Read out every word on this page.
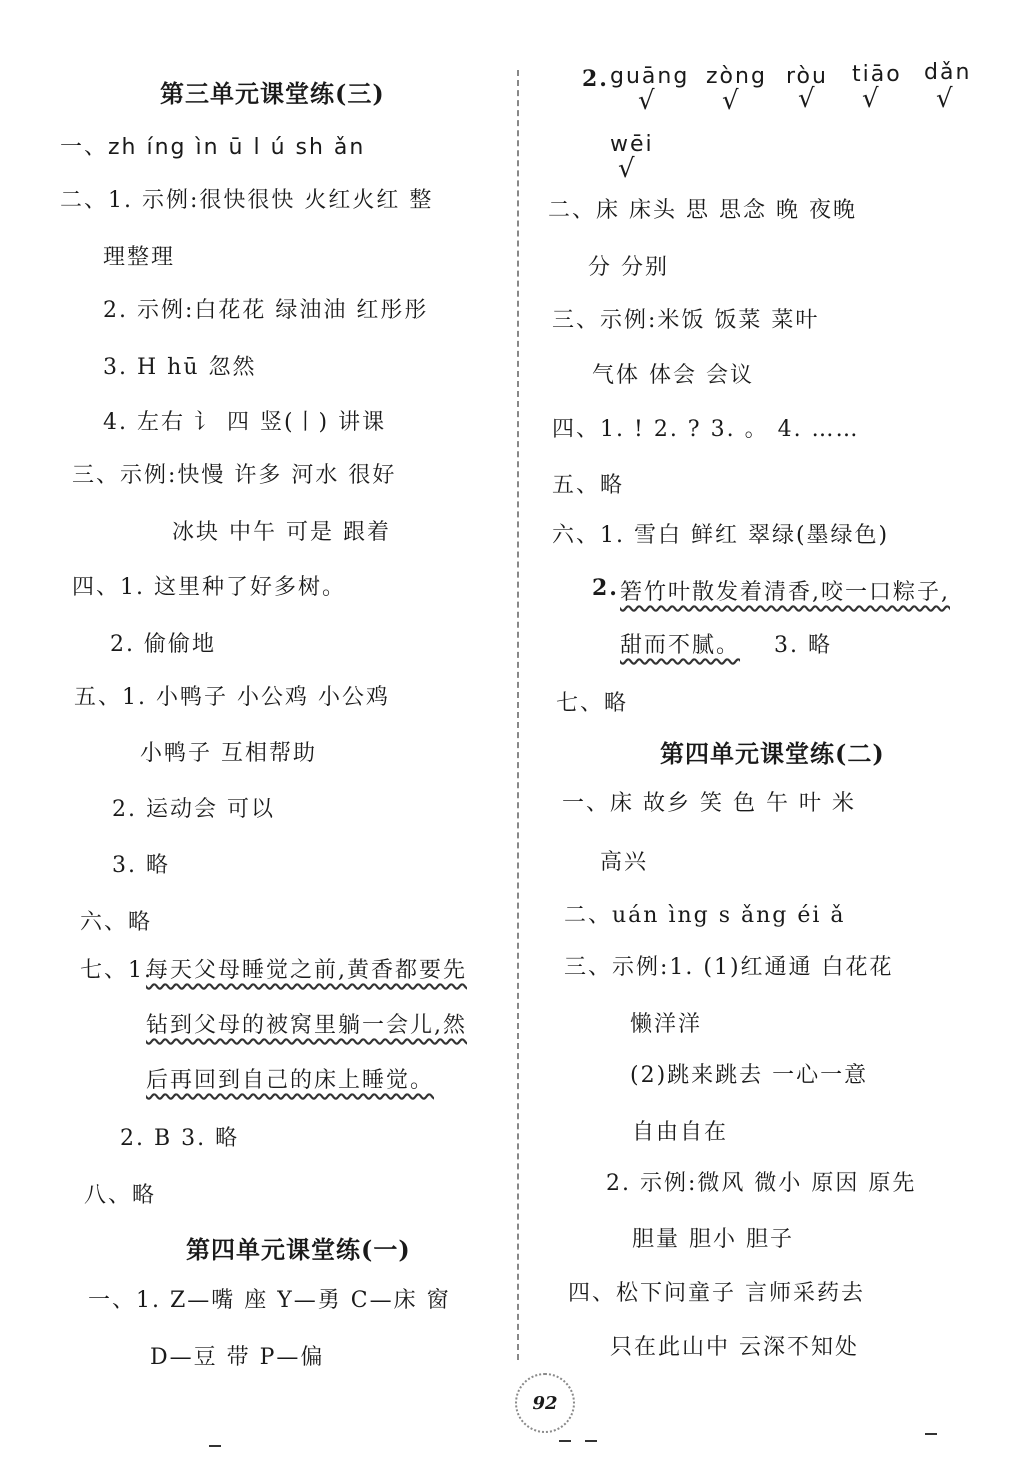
第三单元课堂练(三)
一、zh íng ìn ū l ú sh ǎn
二、1. 示例:很快很快 火红火红 整
理整理
2. 示例:白花花 绿油油 红彤彤
3. H hū 忽然
4. 左右 讠 四 竖(丨) 讲课
三、示例:快慢 许多 河水 很好
冰块 中午 可是 跟着
四、1. 这里种了好多树。
2. 偷偷地
五、1. 小鸭子 小公鸡 小公鸡
小鸭子 互相帮助
2. 运动会 可以
3. 略
六、略
七、1.
每天父母睡觉之前,黄香都要先
钻到父母的被窝里躺一会儿,然
后再回到自己的床上睡觉。
2. B 3. 略
八、略
第四单元课堂练(一)
一、1. Z—嘴 座 Y—勇 C—床 窗
D—豆 带 P—偏
2. guāng zòng ròu tiāo dǎn
√	√ √ √ √
wēi
√
二、床 床头 思 思念 晚 夜晚
分 分别
三、示例:米饭 饭菜 菜叶
气体 体会 会议
四、1. ! 2. ? 3. 。 4. ……
五、略
六、1. 雪白 鲜红 翠绿(墨绿色)
2. 箬竹叶散发着清香,咬一口粽子,
甜而不腻。 3. 略
七、略
第四单元课堂练(二)
一、床 故乡 笑 色 午 叶 米
高兴
二、uán ìng s ǎng éi ǎ
三、示例:1. (1)红通通 白花花
懒洋洋
(2)跳来跳去 一心一意
自由自在
2. 示例:微风 微小 原因 原先
胆量 胆小 胆子
四、松下问童子 言师采药去
只在此山中 云深不知处
92
